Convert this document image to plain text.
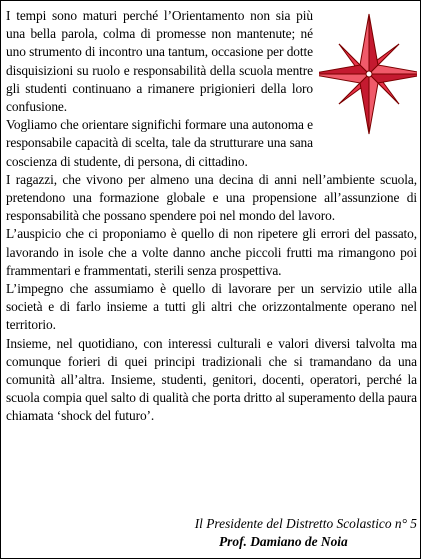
I tempi sono maturi perché l’Orientamento non sia più una bella parola, colma di promesse non mantenute; né uno strumento di incontro una tantum, occasione per dotte disquisizioni su ruolo e responsabilità della scuola mentre gli studenti continuano a rimanere prigionieri della loro confusione.

Vogliamo che orientare significhi formare una autonoma e responsabile capacità di scelta, tale da strutturare una sana coscienza di studente, di persona, di cittadino.

I ragazzi, che vivono per almeno una decina di anni nell’ambiente scuola, pretendono una formazione globale e una propensione all’assunzione di responsabilità che possano spendere poi nel mondo del lavoro.

L’auspicio che ci proponiamo è quello di non ripetere gli errori del passato, lavorando in isole che a volte danno anche piccoli frutti ma rimangono poi frammentari e frammentati, sterili senza prospettiva.

L’impegno che assumiamo è quello di lavorare per un servizio utile alla società e di farlo insieme a tutti gli altri che orizzontalmente operano nel territorio.

Insieme, nel quotidiano, con interessi culturali e valori diversi talvolta ma comunque forieri di quei principi tradizionali che si tramandano da una comunità all’altra. Insieme, studenti, genitori, docenti, operatori, perché la scuola compia quel salto di qualità che porta dritto al superamento della paura chiamata ‘shock del futuro’.

Il Presidente del Distretto Scolastico n° 5
Prof. Damiano de Noia
